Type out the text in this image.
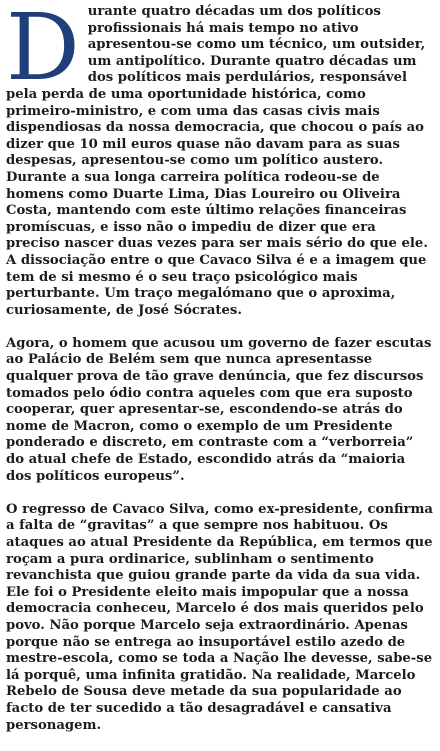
Durante quatro décadas um dos políticos profissionais há mais tempo no ativo apresentou-se como um técnico, um outsider, um antipolítico. Durante quatro décadas um dos políticos mais perdulários, responsável pela perda de uma oportunidade histórica, como primeiro-ministro, e com uma das casas civis mais dispendiosas da nossa democracia, que chocou o país ao dizer que 10 mil euros quase não davam para as suas despesas, apresentou-se como um político austero. Durante a sua longa carreira política rodeou-se de homens como Duarte Lima, Dias Loureiro ou Oliveira Costa, mantendo com este último relações financeiras promíscuas, e isso não o impediu de dizer que era preciso nascer duas vezes para ser mais sério do que ele. A dissociação entre o que Cavaco Silva é e a imagem que tem de si mesmo é o seu traço psicológico mais perturbante. Um traço megalómano que o aproxima, curiosamente, de José Sócrates.

Agora, o homem que acusou um governo de fazer escutas ao Palácio de Belém sem que nunca apresentasse qualquer prova de tão grave denúncia, que fez discursos tomados pelo ódio contra aqueles com que era suposto cooperar, quer apresentar-se, escondendo-se atrás do nome de Macron, como o exemplo de um Presidente ponderado e discreto, em contraste com a “verborreia” do atual chefe de Estado, escondido atrás da “maioria dos políticos europeus”.

O regresso de Cavaco Silva, como ex-presidente, confirma a falta de “gravitas” a que sempre nos habituou. Os ataques ao atual Presidente da República, em termos que roçam a pura ordinarice, sublinham o sentimento revanchista que guiou grande parte da vida da sua vida. Ele foi o Presidente eleito mais impopular que a nossa democracia conheceu, Marcelo é dos mais queridos pelo povo. Não porque Marcelo seja extraordinário. Apenas porque não se entrega ao insuportável estilo azedo de mestre-escola, como se toda a Nação lhe devesse, sabe-se lá porquê, uma infinita gratidão. Na realidade, Marcelo Rebelo de Sousa deve metade da sua popularidade ao facto de ter sucedido a tão desagradável e cansativa personagem.
